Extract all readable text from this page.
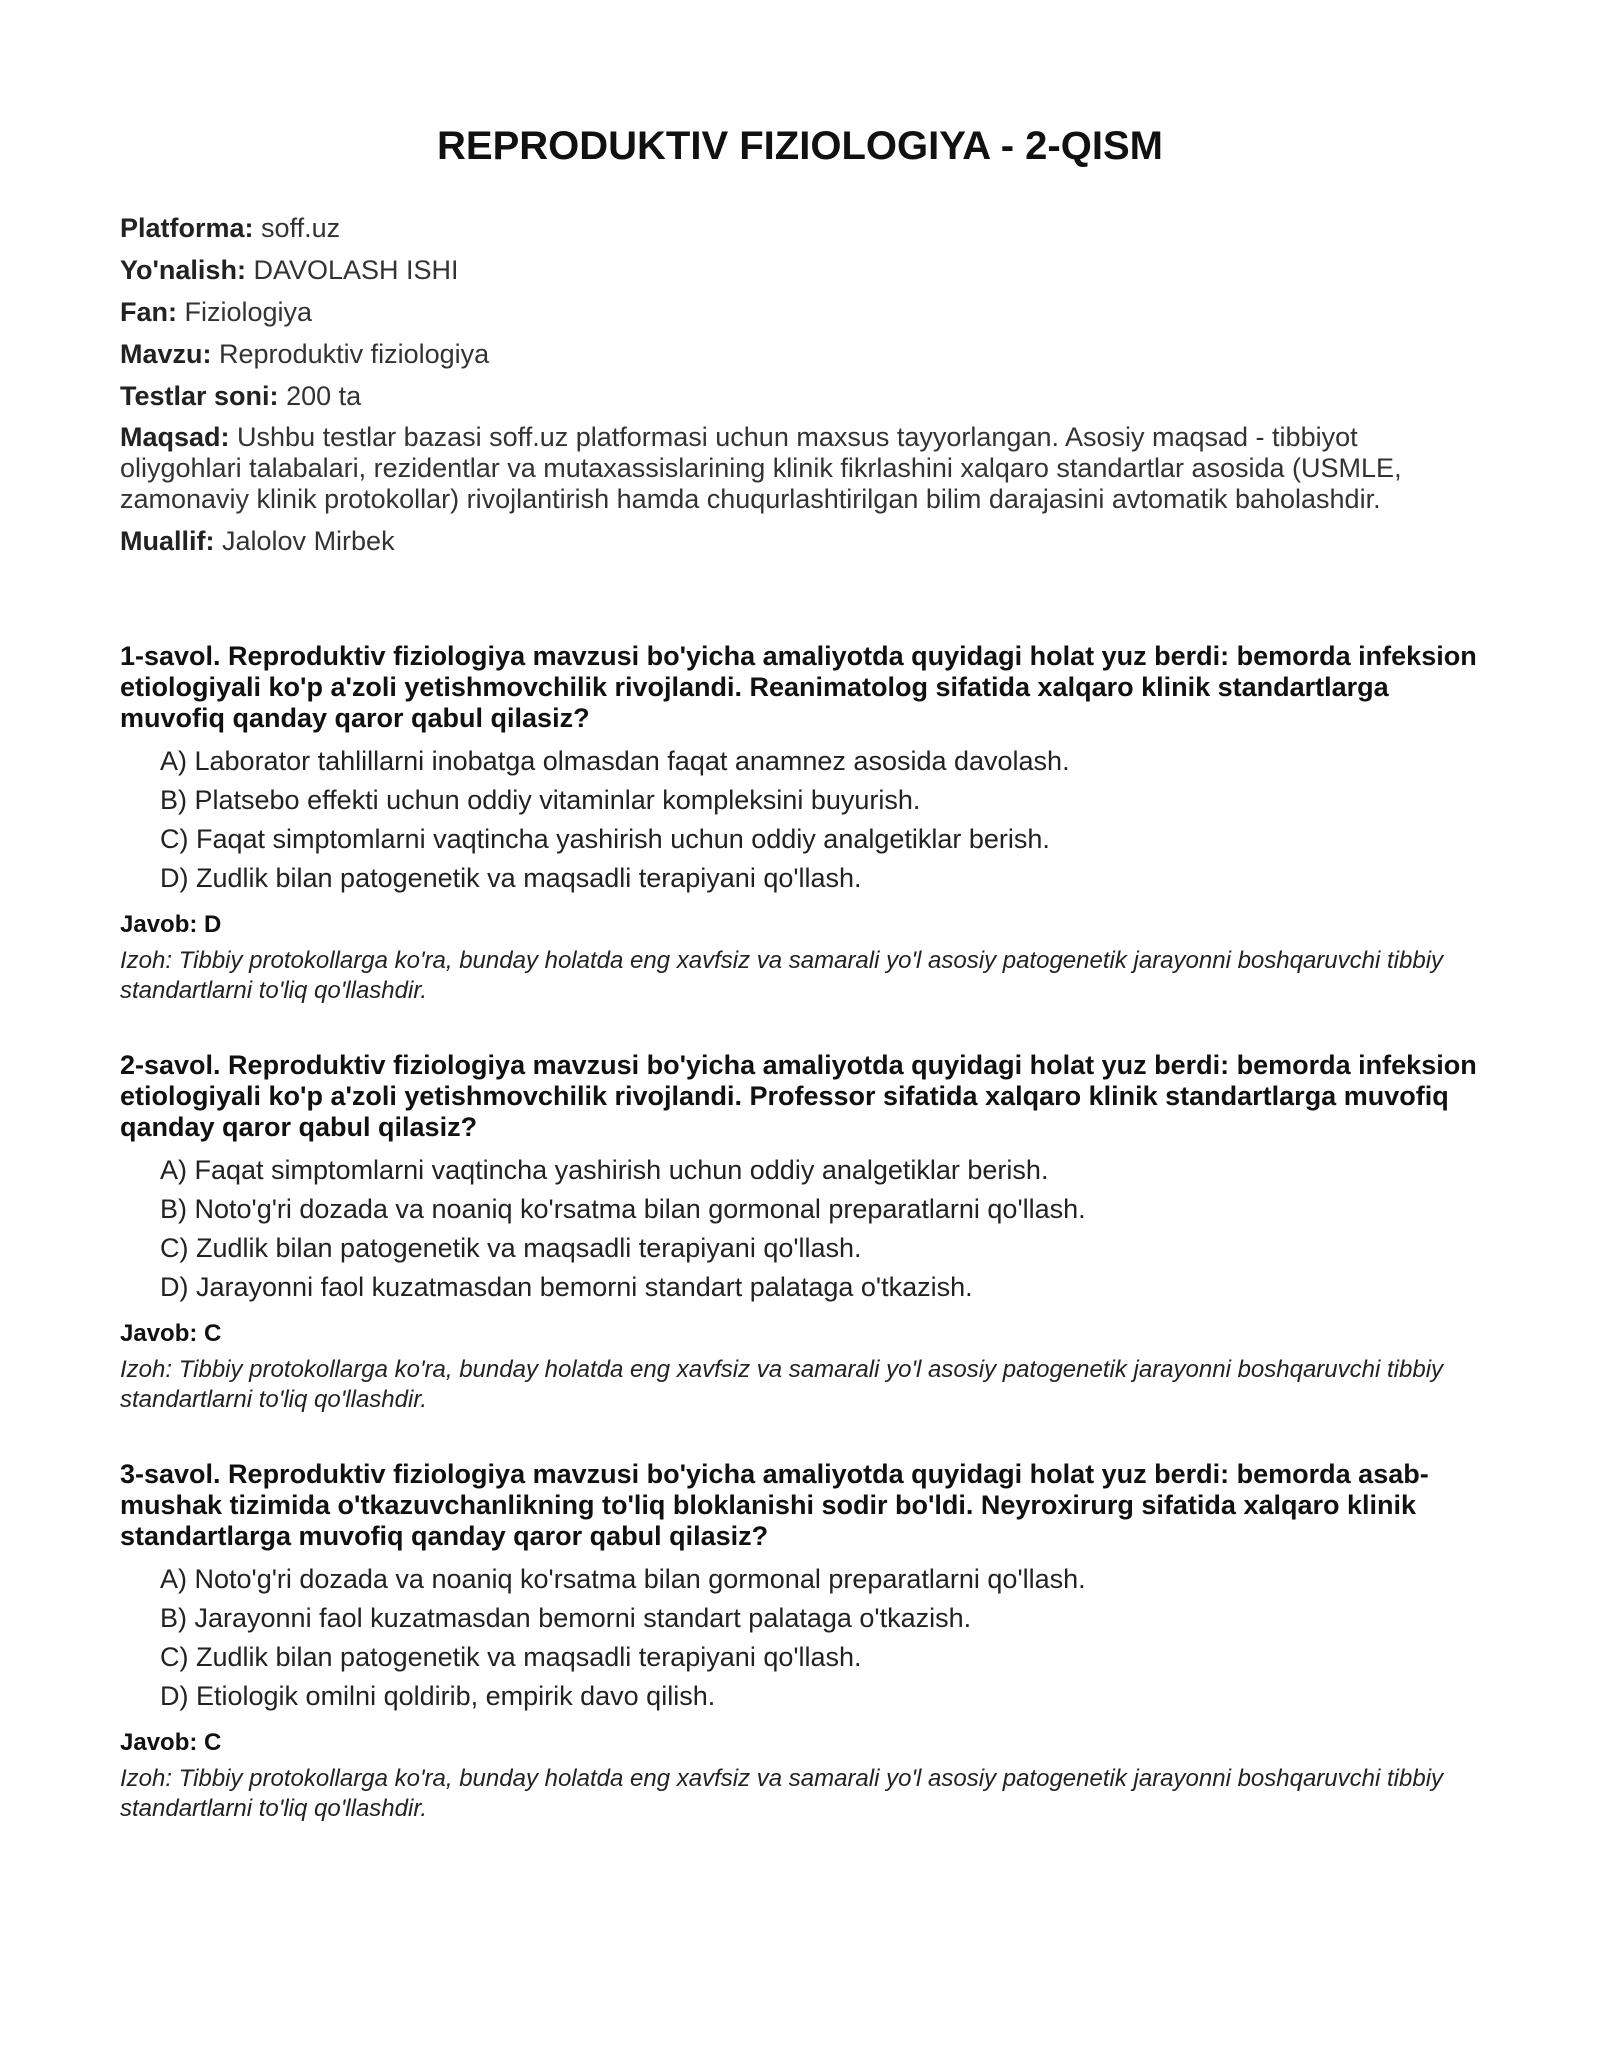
REPRODUKTIV FIZIOLOGIYA - 2-QISM

Platforma: soff.uz

Yo'nalish: DAVOLASH ISHI

Fan: Fiziologiya

Mavzu: Reproduktiv fiziologiya

Testlar soni: 200 ta

Maqsad: Ushbu testlar bazasi soff.uz platformasi uchun maxsus tayyorlangan. Asosiy maqsad - tibbiyot oliygohlari talabalari, rezidentlar va mutaxassislarining klinik fikrlashini xalqaro standartlar asosida (USMLE, zamonaviy klinik protokollar) rivojlantirish hamda chuqurlashtirilgan bilim darajasini avtomatik baholashdir.

Muallif: Jalolov Mirbek

1-savol. Reproduktiv fiziologiya mavzusi bo'yicha amaliyotda quyidagi holat yuz berdi: bemorda infeksion etiologiyali ko'p a'zoli yetishmovchilik rivojlandi. Reanimatolog sifatida xalqaro klinik standartlarga muvofiq qanday qaror qabul qilasiz?

A) Laborator tahlillarni inobatga olmasdan faqat anamnez asosida davolash.
B) Platsebo effekti uchun oddiy vitaminlar kompleksini buyurish.
C) Faqat simptomlarni vaqtincha yashirish uchun oddiy analgetiklar berish.
D) Zudlik bilan patogenetik va maqsadli terapiyani qo'llash.

Javob: D

Izoh: Tibbiy protokollarga ko'ra, bunday holatda eng xavfsiz va samarali yo'l asosiy patogenetik jarayonni boshqaruvchi tibbiy standartlarni to'liq qo'llashdir.

2-savol. Reproduktiv fiziologiya mavzusi bo'yicha amaliyotda quyidagi holat yuz berdi: bemorda infeksion etiologiyali ko'p a'zoli yetishmovchilik rivojlandi. Professor sifatida xalqaro klinik standartlarga muvofiq qanday qaror qabul qilasiz?

A) Faqat simptomlarni vaqtincha yashirish uchun oddiy analgetiklar berish.
B) Noto'g'ri dozada va noaniq ko'rsatma bilan gormonal preparatlarni qo'llash.
C) Zudlik bilan patogenetik va maqsadli terapiyani qo'llash.
D) Jarayonni faol kuzatmasdan bemorni standart palataga o'tkazish.

Javob: C

Izoh: Tibbiy protokollarga ko'ra, bunday holatda eng xavfsiz va samarali yo'l asosiy patogenetik jarayonni boshqaruvchi tibbiy standartlarni to'liq qo'llashdir.

3-savol. Reproduktiv fiziologiya mavzusi bo'yicha amaliyotda quyidagi holat yuz berdi: bemorda asab-mushak tizimida o'tkazuvchanlikning to'liq bloklanishi sodir bo'ldi. Neyroxirurg sifatida xalqaro klinik standartlarga muvofiq qanday qaror qabul qilasiz?

A) Noto'g'ri dozada va noaniq ko'rsatma bilan gormonal preparatlarni qo'llash.
B) Jarayonni faol kuzatmasdan bemorni standart palataga o'tkazish.
C) Zudlik bilan patogenetik va maqsadli terapiyani qo'llash.
D) Etiologik omilni qoldirib, empirik davo qilish.

Javob: C

Izoh: Tibbiy protokollarga ko'ra, bunday holatda eng xavfsiz va samarali yo'l asosiy patogenetik jarayonni boshqaruvchi tibbiy standartlarni to'liq qo'llashdir.
